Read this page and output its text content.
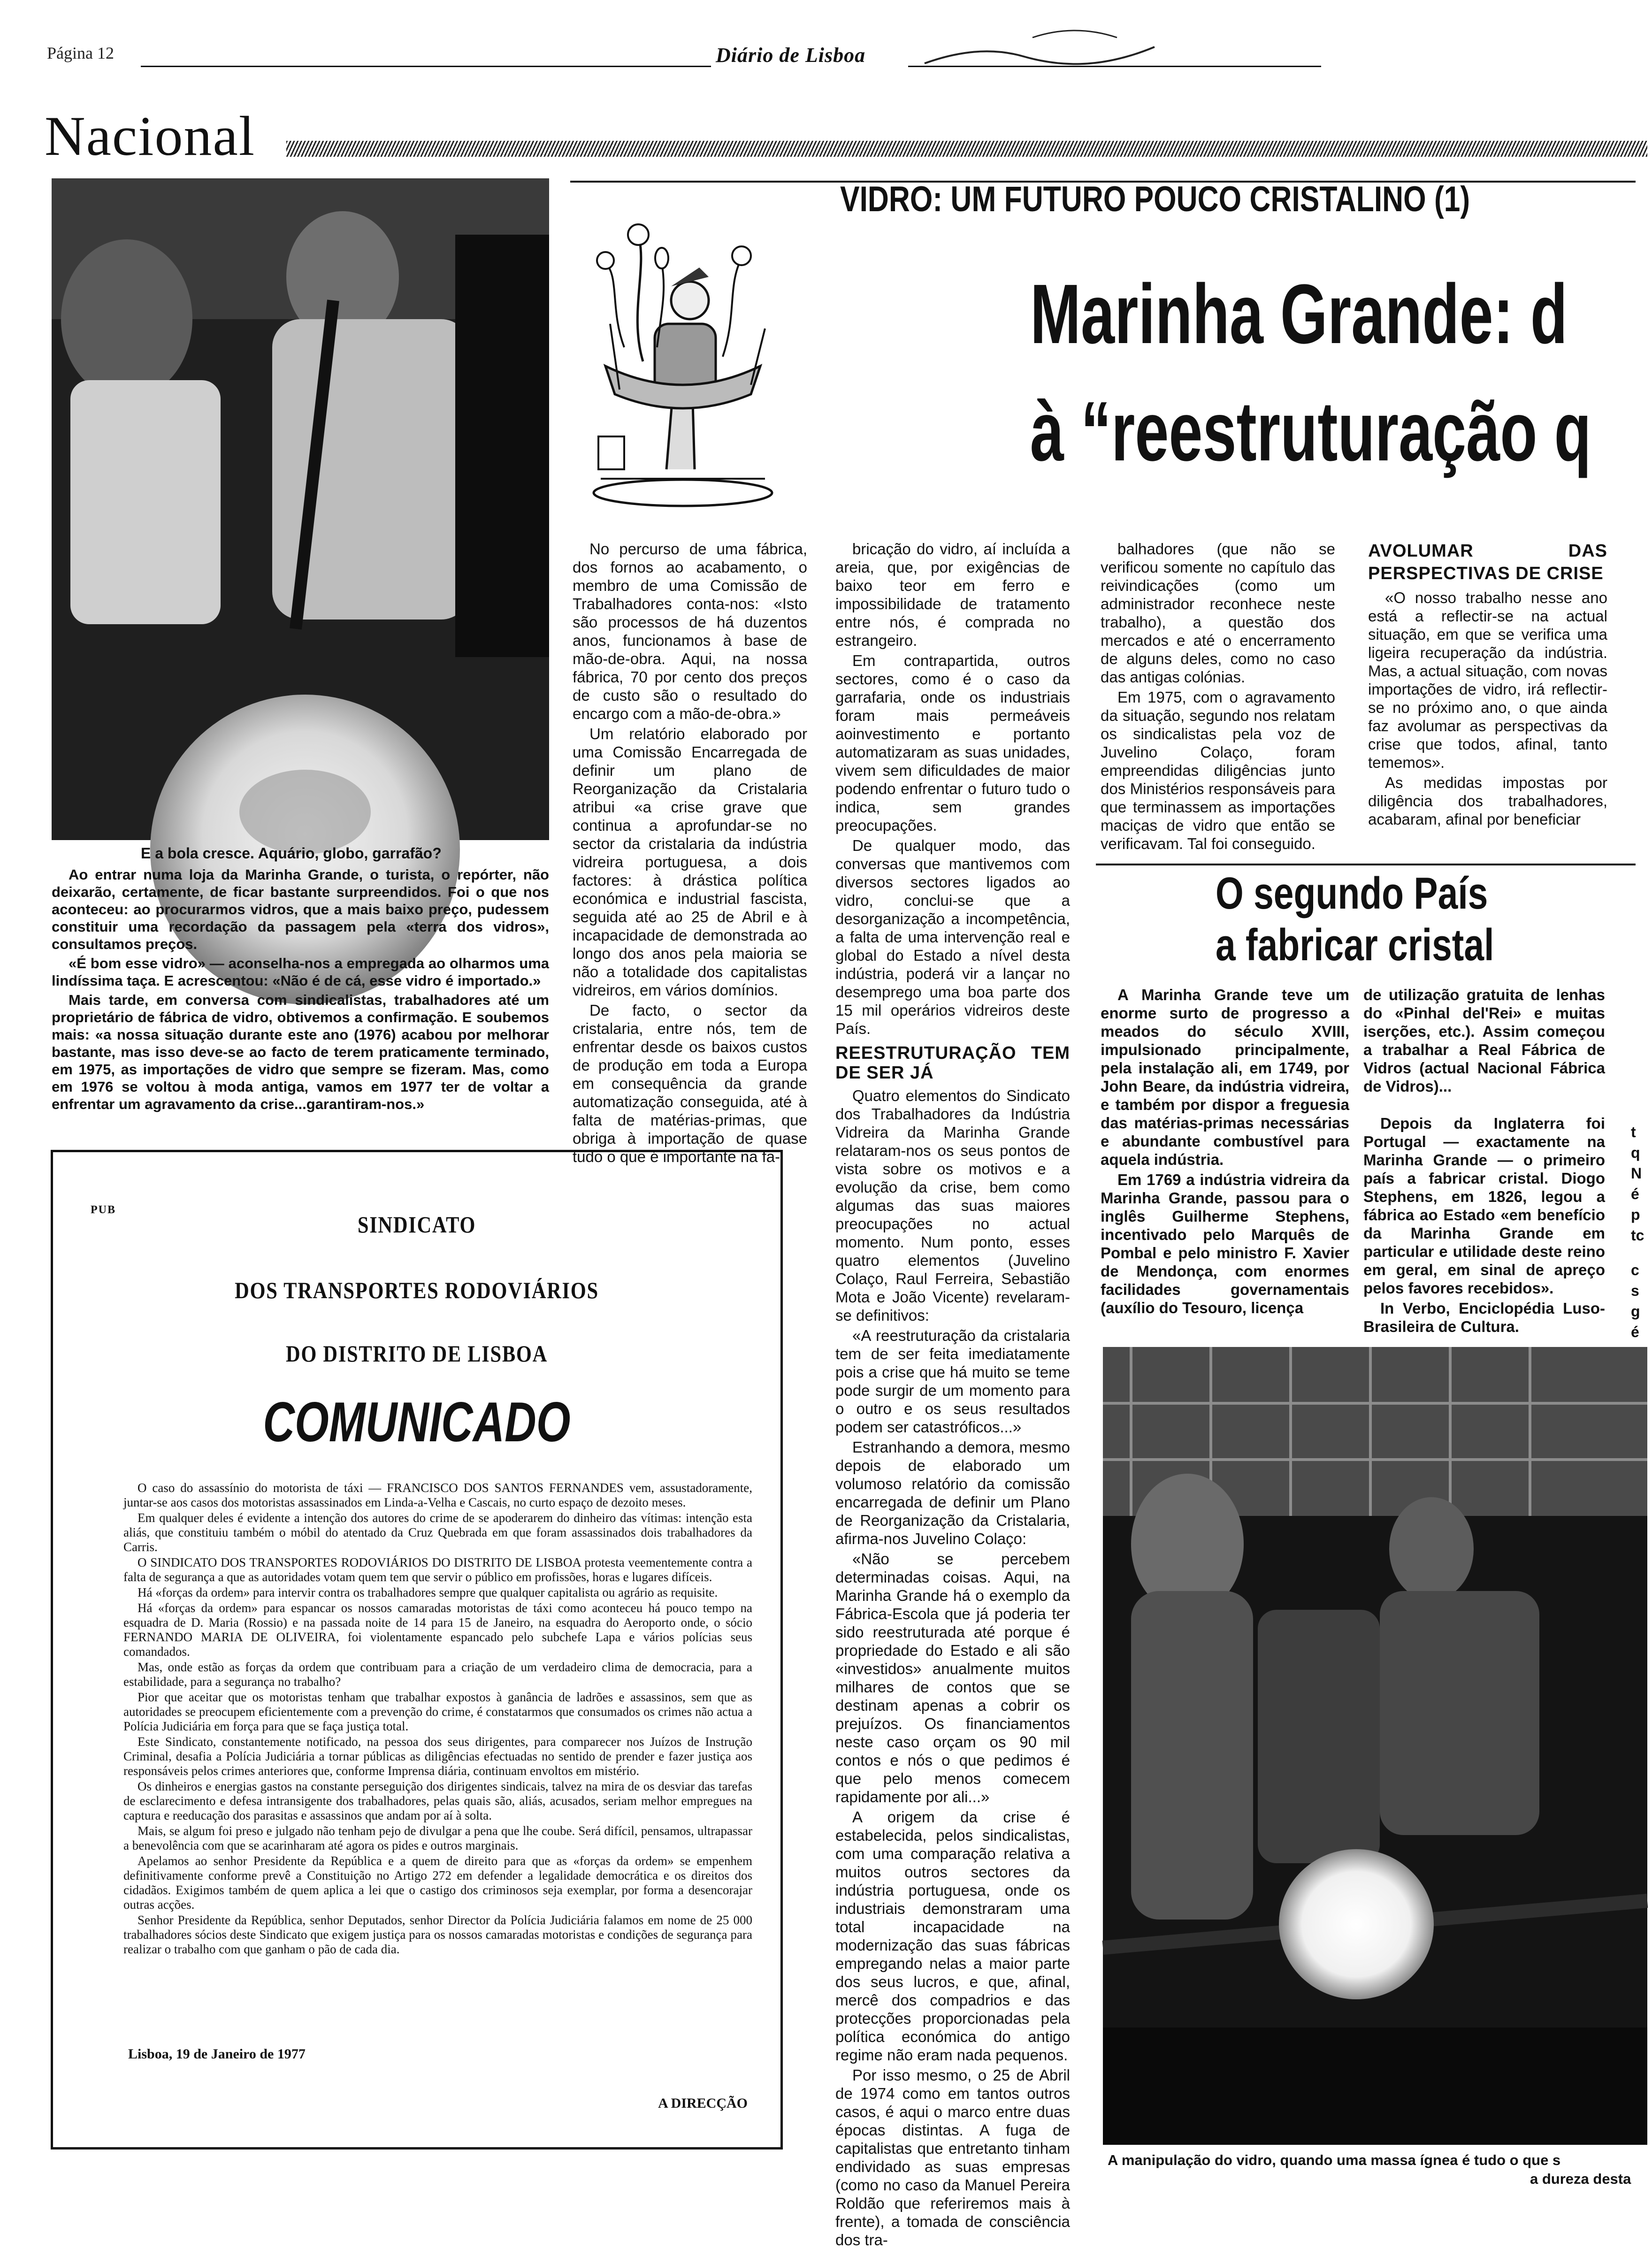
Página 12	Diário de Lisboa
Nacional
E a bola cresce. Aquário, globo, garrafão?

Ao entrar numa loja da Marinha Grande, o turista, o repórter, não deixarão, certamente, de ficar bastante surpreendidos. Foi o que nos aconteceu: ao procurarmos vidros, que a mais baixo preço, pudessem constituir uma recordação da passagem pela «terra dos vidros», consultamos preços.

«É bom esse vidro» — aconselha-nos a empregada ao olharmos uma lindíssima taça. E acrescentou: «Não é de cá, esse vidro é importado.»

Mais tarde, em conversa com sindicalistas, trabalhadores até um proprietário de fábrica de vidro, obtivemos a confirmação. E soubemos mais: «a nossa situação durante este ano (1976) acabou por melhorar bastante, mas isso deve-se ao facto de terem praticamente terminado, em 1975, as importações de vidro que sempre se fizeram. Mas, como em 1976 se voltou à moda antiga, vamos em 1977 ter de voltar a enfrentar um agravamento da crise...garantiram-nos.»

VIDRO: UM FUTURO POUCO CRISTALINO (1)
Marinha Grande: d
à “reestruturação q

No percurso de uma fábrica, dos fornos ao acabamento, o membro de uma Comissão de Trabalhadores conta-nos: «Isto são processos de há duzentos anos, funcionamos à base de mão-de-obra. Aqui, na nossa fábrica, 70 por cento dos preços de custo são o resultado do encargo com a mão-de-obra.»

Um relatório elaborado por uma Comissão Encarregada de definir um plano de Reorganização da Cristalaria atribui «a crise grave que continua a aprofundar-se no sector da cristalaria da indústria vidreira portuguesa, a dois factores: à drástica política económica e industrial fascista, seguida até ao 25 de Abril e à incapacidade de demonstrada ao longo dos anos pela maioria se não a totalidade dos capitalistas vidreiros, em vários domínios.

De facto, o sector da cristalaria, entre nós, tem de enfrentar desde os baixos custos de produção em toda a Europa em consequência da grande automatização conseguida, até à falta de matérias-primas, que obriga à importação de quase tudo o que é importante na fa-

bricação do vidro, aí incluída a areia, que, por exigências de baixo teor em ferro e impossibilidade de tratamento entre nós, é comprada no estrangeiro.

Em contrapartida, outros sectores, como é o caso da garrafaria, onde os industriais foram mais permeáveis aoinvestimento e portanto automatizaram as suas unidades, vivem sem dificuldades de maior podendo enfrentar o futuro tudo o indica, sem grandes preocupações.

De qualquer modo, das conversas que mantivemos com diversos sectores ligados ao vidro, conclui-se que a desorganização a incompetência, a falta de uma intervenção real e global do Estado a nível desta indústria, poderá vir a lançar no desemprego uma boa parte dos 15 mil operários vidreiros deste País.

REESTRUTURAÇÃO TEM DE SER JÁ

Quatro elementos do Sindicato dos Trabalhadores da Indústria Vidreira da Marinha Grande relataram-nos os seus pontos de vista sobre os motivos e a evolução da crise, bem como algumas das suas maiores preocupações no actual momento. Num ponto, esses quatro elementos (Juvelino Colaço, Raul Ferreira, Sebastião Mota e João Vicente) revelaram-se definitivos:

«A reestruturação da cristalaria tem de ser feita imediatamente pois a crise que há muito se teme pode surgir de um momento para o outro e os seus resultados podem ser catastróficos...»

Estranhando a demora, mesmo depois de elaborado um volumoso relatório da comissão encarregada de definir um Plano de Reorganização da Cristalaria, afirma-nos Juvelino Colaço:

«Não se percebem determinadas coisas. Aqui, na Marinha Grande há o exemplo da Fábrica-Escola que já poderia ter sido reestruturada até porque é propriedade do Estado e ali são «investidos» anualmente muitos milhares de contos que se destinam apenas a cobrir os prejuízos. Os financiamentos neste caso orçam os 90 mil contos e nós o que pedimos é que pelo menos comecem rapidamente por ali...»

A origem da crise é estabelecida, pelos sindicalistas, com uma comparação relativa a muitos outros sectores da indústria portuguesa, onde os industriais demonstraram uma total incapacidade na modernização das suas fábricas empregando nelas a maior parte dos seus lucros, e que, afinal, mercê dos compadrios e das protecções proporcionadas pela política económica do antigo regime não eram nada pequenos.

Por isso mesmo, o 25 de Abril de 1974 como em tantos outros casos, é aqui o marco entre duas épocas distintas. A fuga de capitalistas que entretanto tinham endividado as suas empresas (como no caso da Manuel Pereira Roldão que referiremos mais à frente), a tomada de consciência dos tra-

balhadores (que não se verificou somente no capítulo das reivindicações (como um administrador reconhece neste trabalho), a questão dos mercados e até o encerramento de alguns deles, como no caso das antigas colónias.

Em 1975, com o agravamento da situação, segundo nos relatam os sindicalistas pela voz de Juvelino Colaço, foram empreendidas diligências junto dos Ministérios responsáveis para que terminassem as importações maciças de vidro que então se verificavam. Tal foi conseguido.

AVOLUMAR DAS PERSPECTIVAS DE CRISE

«O nosso trabalho nesse ano está a reflectir-se na actual situação, em que se verifica uma ligeira recuperação da indústria. Mas, a actual situação, com novas importações de vidro, irá reflectir-se no próximo ano, o que ainda faz avolumar as perspectivas da crise que todos, afinal, tanto tememos».

As medidas impostas por diligência dos trabalhadores, acabaram, afinal por beneficiar

O segundo País
a fabricar cristal

A Marinha Grande teve um enorme surto de progresso a meados do século XVIII, impulsionado principalmente, pela instalação ali, em 1749, por John Beare, da indústria vidreira, e também por dispor a freguesia das matérias-primas necessárias e abundante combustível para aquela indústria.

Em 1769 a indústria vidreira da Marinha Grande, passou para o inglês Guilherme Stephens, incentivado pelo Marquês de Pombal e pelo ministro F. Xavier de Mendonça, com enormes facilidades governamentais (auxílio do Tesouro, licença

de utilização gratuita de lenhas do «Pinhal del'Rei» e muitas iserções, etc.). Assim começou a trabalhar a Real Fábrica de Vidros (actual Nacional Fábrica de Vidros)...

Depois da Inglaterra foi Portugal — exactamente na Marinha Grande — o primeiro país a fabricar cristal. Diogo Stephens, em 1826, legou a fábrica ao Estado «em benefício da Marinha Grande em particular e utilidade deste reino em geral, em sinal de apreço pelos favores recebidos».

In Verbo, Enciclopédia Luso-Brasileira de Cultura.

t
q
N
é
p
tc
c
s
g
é
A manipulação do vidro, quando uma massa ígnea é tudo o que s
a dureza desta
PUB
SINDICATO
DOS TRANSPORTES RODOVIÁRIOS
DO DISTRITO DE LISBOA
COMUNICADO

O caso do assassínio do motorista de táxi — FRANCISCO DOS SANTOS FERNANDES vem, assustadoramente, juntar-se aos casos dos motoristas assassinados em Linda-a-Velha e Cascais, no curto espaço de dezoito meses.

Em qualquer deles é evidente a intenção dos autores do crime de se apoderarem do dinheiro das vítimas: intenção esta aliás, que constituiu também o móbil do atentado da Cruz Quebrada em que foram assassinados dois trabalhadores da Carris.

O SINDICATO DOS TRANSPORTES RODOVIÁRIOS DO DISTRITO DE LISBOA protesta veementemente contra a falta de segurança a que as autoridades votam quem tem que servir o público em profissões, horas e lugares difíceis.

Há «forças da ordem» para intervir contra os trabalhadores sempre que qualquer capitalista ou agrário as requisite.

Há «forças da ordem» para espancar os nossos camaradas motoristas de táxi como aconteceu há pouco tempo na esquadra de D. Maria (Rossio) e na passada noite de 14 para 15 de Janeiro, na esquadra do Aeroporto onde, o sócio FERNANDO MARIA DE OLIVEIRA, foi violentamente espancado pelo subchefe Lapa e vários polícias seus comandados.

Mas, onde estão as forças da ordem que contribuam para a criação de um verdadeiro clima de democracia, para a estabilidade, para a segurança no trabalho?

Pior que aceitar que os motoristas tenham que trabalhar expostos à ganância de ladrões e assassinos, sem que as autoridades se preocupem eficientemente com a prevenção do crime, é constatarmos que consumados os crimes não actua a Polícia Judiciária em força para que se faça justiça total.

Este Sindicato, constantemente notificado, na pessoa dos seus dirigentes, para comparecer nos Juízos de Instrução Criminal, desafia a Polícia Judiciária a tornar públicas as diligências efectuadas no sentido de prender e fazer justiça aos responsáveis pelos crimes anteriores que, conforme Imprensa diária, continuam envoltos em mistério.

Os dinheiros e energias gastos na constante perseguição dos dirigentes sindicais, talvez na mira de os desviar das tarefas de esclarecimento e defesa intransigente dos trabalhadores, pelas quais são, aliás, acusados, seriam melhor empregues na captura e reeducação dos parasitas e assassinos que andam por aí à solta.

Mais, se algum foi preso e julgado não tenham pejo de divulgar a pena que lhe coube. Será difícil, pensamos, ultrapassar a benevolência com que se acarinharam até agora os pides e outros marginais.

Apelamos ao senhor Presidente da República e a quem de direito para que as «forças da ordem» se empenhem definitivamente conforme prevê a Constituição no Artigo 272 em defender a legalidade democrática e os direitos dos cidadãos. Exigimos também de quem aplica a lei que o castigo dos criminosos seja exemplar, por forma a desencorajar outras acções.

Senhor Presidente da República, senhor Deputados, senhor Director da Polícia Judiciária falamos em nome de 25 000 trabalhadores sócios deste Sindicato que exigem justiça para os nossos camaradas motoristas e condições de segurança para realizar o trabalho com que ganham o pão de cada dia.

Lisboa, 19 de Janeiro de 1977
A DIRECÇÃO
